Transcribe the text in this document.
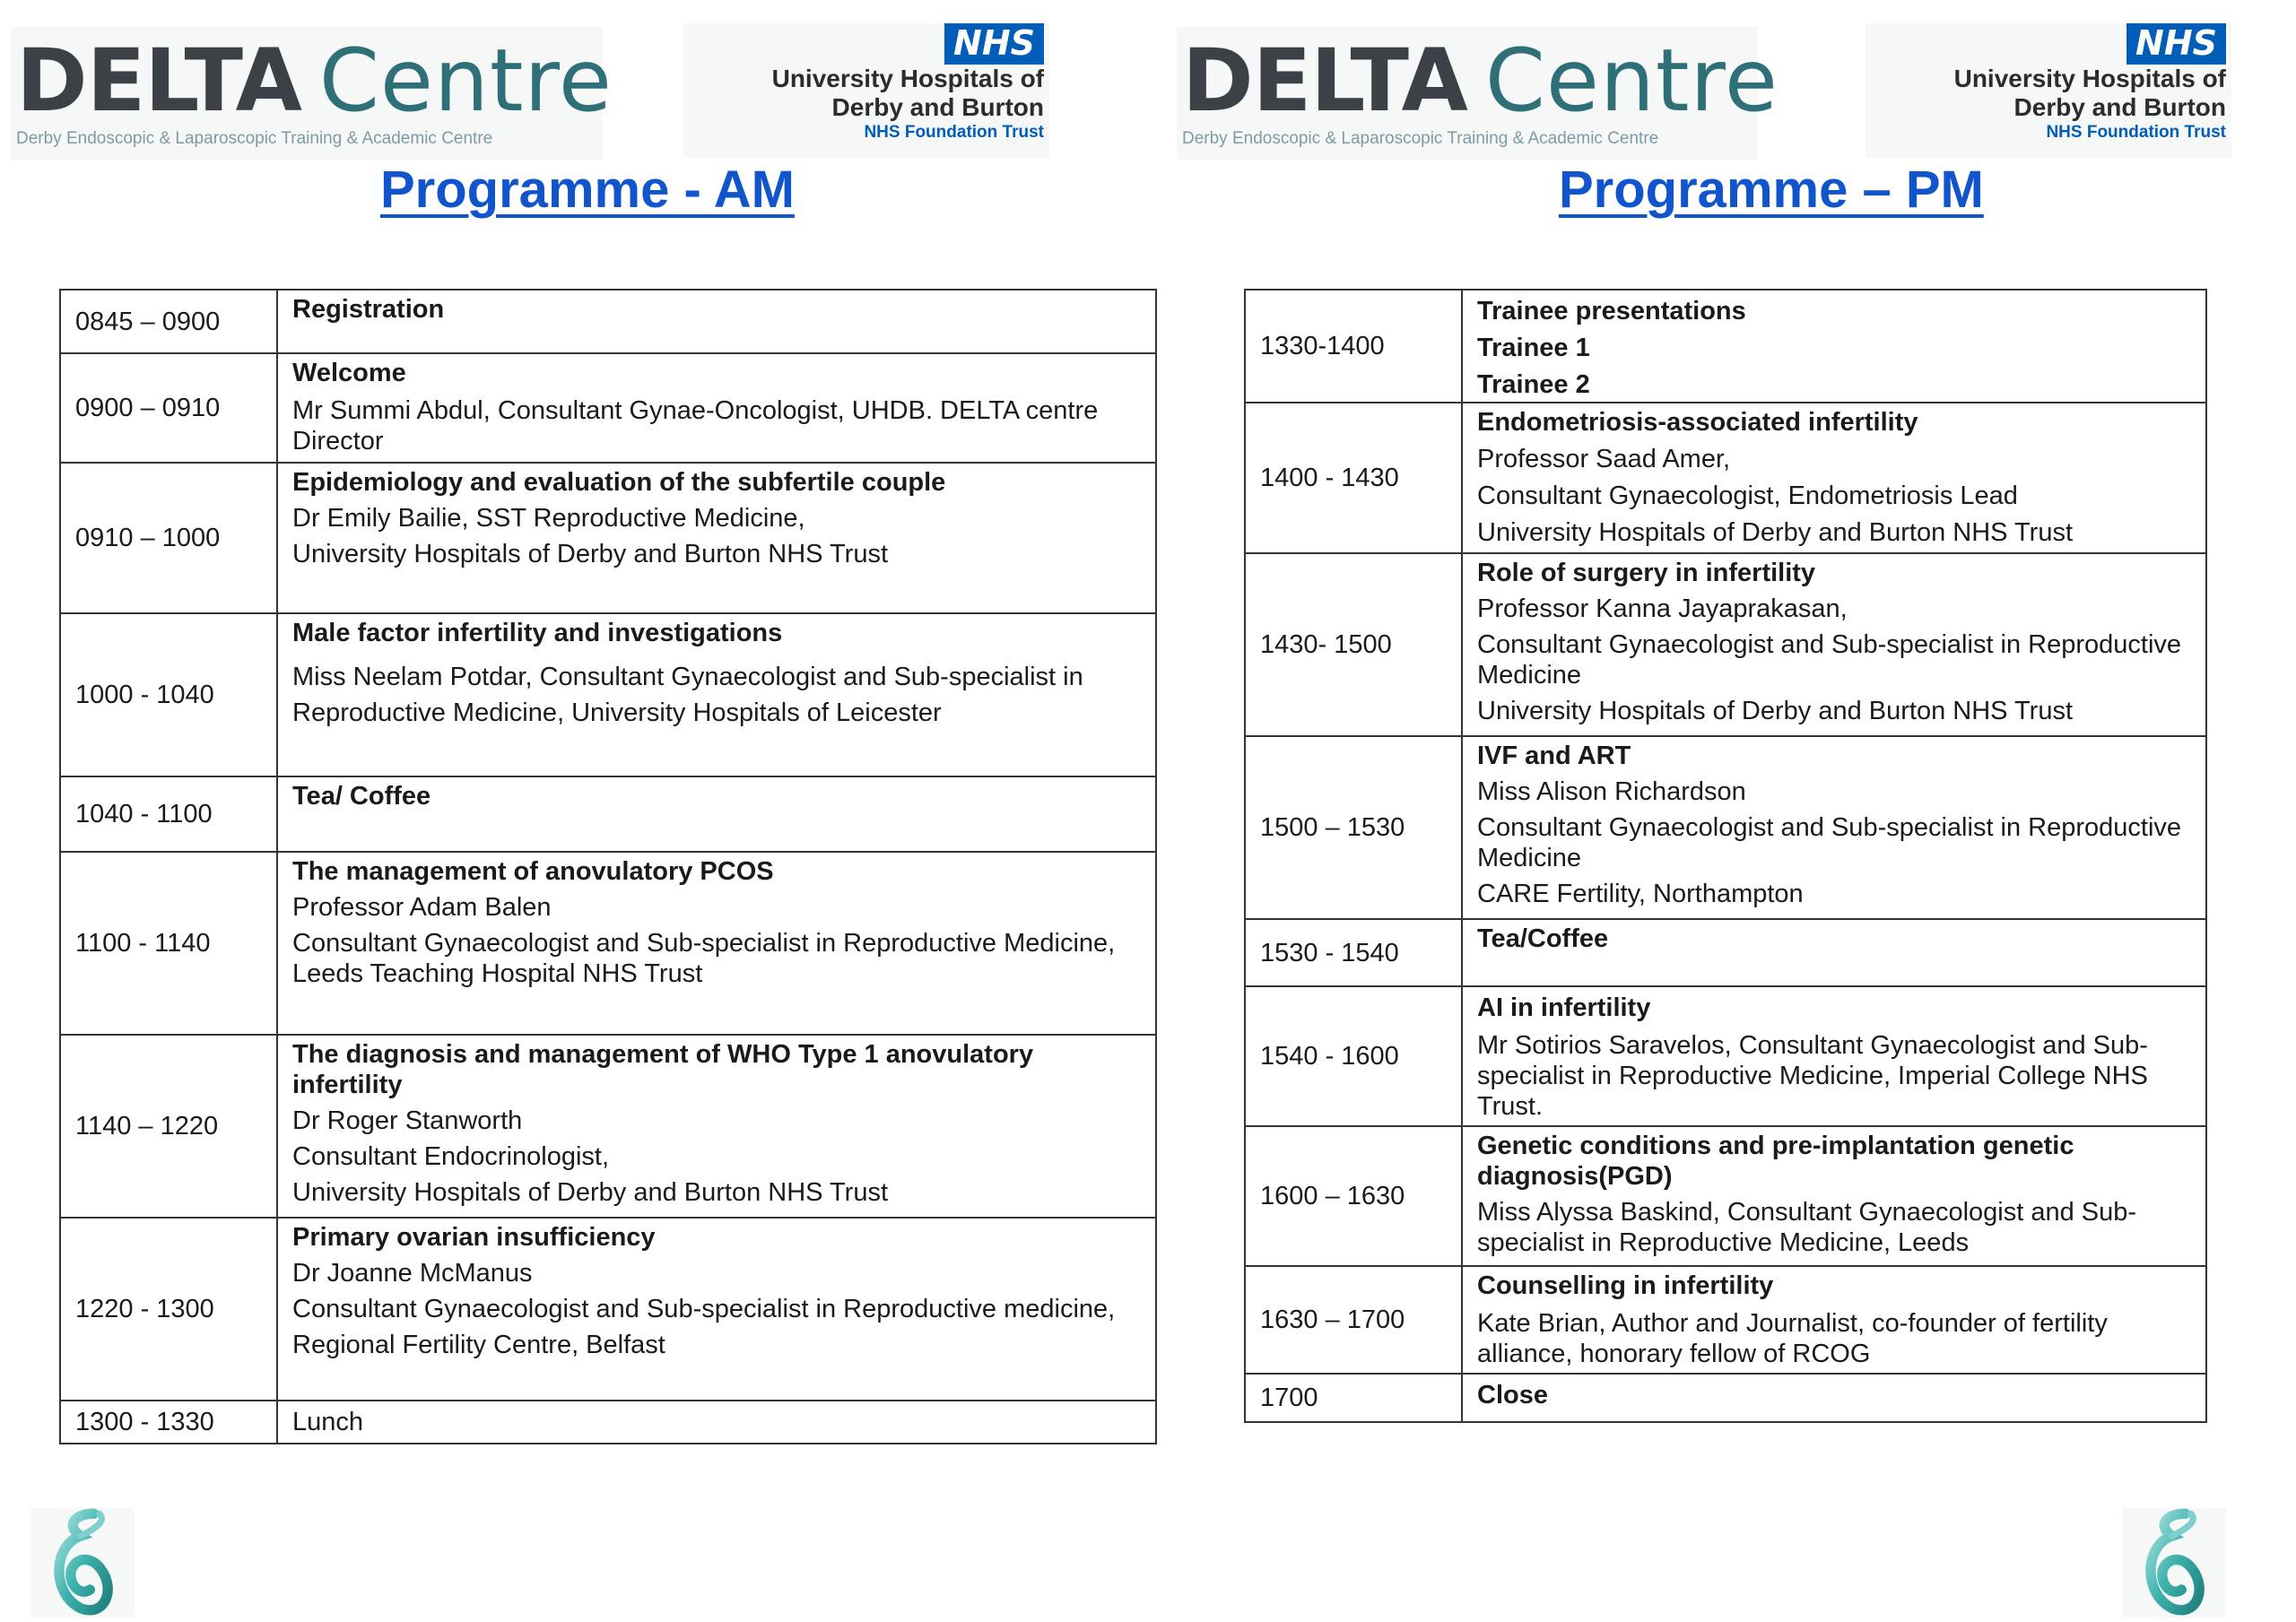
DELTA Centre
Derby Endoscopic & Laparoscopic Training & Academic Centre
NHS
University Hospitals of
Derby and Burton
NHS Foundation Trust
DELTA Centre
Derby Endoscopic & Laparoscopic Training & Academic Centre
NHS
University Hospitals of
Derby and Burton
NHS Foundation Trust
Programme - AM	Programme – PM
0845 – 0900	Registration

0900 – 0910	Welcome
Mr Summi Abdul, Consultant Gynae-Oncologist, UHDB. DELTA centre Director

0910 – 1000	Epidemiology and evaluation of the subfertile couple
Dr Emily Bailie, SST Reproductive Medicine,
University Hospitals of Derby and Burton NHS Trust

1000 - 1040	Male factor infertility and investigations
Miss Neelam Potdar, Consultant Gynaecologist and Sub-specialist in Reproductive Medicine, University Hospitals of Leicester

1040 - 1100	Tea/ Coffee

1100 - 1140	The management of anovulatory PCOS
Professor Adam Balen
Consultant Gynaecologist and Sub-specialist in Reproductive Medicine, Leeds Teaching Hospital NHS Trust

1140 – 1220	The diagnosis and management of WHO Type 1 anovulatory infertility
Dr Roger Stanworth
Consultant Endocrinologist,
University Hospitals of Derby and Burton NHS Trust

1220 - 1300	Primary ovarian insufficiency
Dr Joanne McManus
Consultant Gynaecologist and Sub-specialist in Reproductive medicine,
Regional Fertility Centre, Belfast

1300 - 1330	Lunch
1330-1400	Trainee presentations
Trainee 1
Trainee 2

1400 - 1430	Endometriosis-associated infertility
Professor Saad Amer,
Consultant Gynaecologist, Endometriosis Lead
University Hospitals of Derby and Burton NHS Trust

1430- 1500	Role of surgery in infertility
Professor Kanna Jayaprakasan,
Consultant Gynaecologist and Sub-specialist in Reproductive Medicine
University Hospitals of Derby and Burton NHS Trust

1500 – 1530	IVF and ART
Miss Alison Richardson
Consultant Gynaecologist and Sub-specialist in Reproductive Medicine
CARE Fertility, Northampton

1530 - 1540	Tea/Coffee

1540 - 1600	AI in infertility
Mr Sotirios Saravelos, Consultant Gynaecologist and Sub-specialist in Reproductive Medicine, Imperial College NHS Trust.

1600 – 1630	Genetic conditions and pre-implantation genetic diagnosis(PGD)
Miss Alyssa Baskind, Consultant Gynaecologist and Sub-specialist in Reproductive Medicine, Leeds

1630 – 1700	Counselling in infertility
Kate Brian, Author and Journalist, co-founder of fertility alliance, honorary fellow of RCOG

1700	Close
